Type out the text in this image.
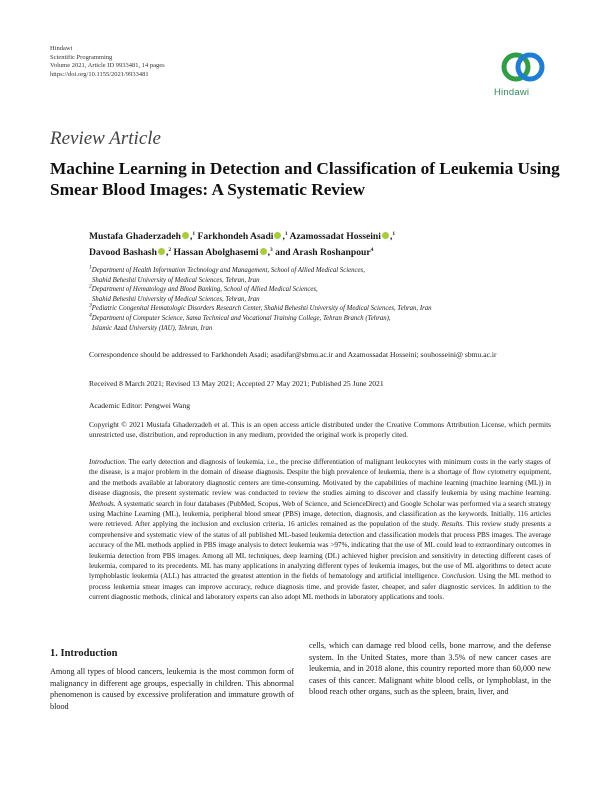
Hindawi
Scientific Programming
Volume 2021, Article ID 9933481, 14 pages
https://doi.org/10.1155/2021/9933481
Hindawi
Review Article
Machine Learning in Detection and Classification of Leukemia Using Smear Blood Images: A Systematic Review
Mustafa Ghaderzadeh ,$^1$ Farkhondeh Asadi ,$^1$ Azamossadat Hosseini ,$^1$
Davood Bashash ,$^2$ Hassan Abolghasemi ,$^3$ and Arash Roshanpour$^4$
$^1$Department of Health Information Technology and Management, School of Allied Medical Sciences,
Shahid Beheshti University of Medical Sciences, Tehran, Iran
$^2$Department of Hematology and Blood Banking, School of Allied Medical Sciences,
Shahid Beheshti University of Medical Sciences, Tehran, Iran
$^3$Pediatric Congenital Hematologic Disorders Research Center, Shahid Beheshti University of Medical Sciences, Tehran, Iran
$^4$Department of Computer Science, Sama Technical and Vocational Training College, Tehran Branch (Tehran),
Islamic Azad University (IAU), Tehran, Iran
Correspondence should be addressed to Farkhondeh Asadi; asadifar@sbmu.ac.ir and Azamossadat Hosseini; souhosseini@ sbmu.ac.ir
Received 8 March 2021; Revised 13 May 2021; Accepted 27 May 2021; Published 25 June 2021
Academic Editor: Pengwei Wang
Copyright © 2021 Mustafa Ghaderzadeh et al. This is an open access article distributed under the Creative Commons Attribution License, which permits unrestricted use, distribution, and reproduction in any medium, provided the original work is properly cited.
Introduction. The early detection and diagnosis of leukemia, i.e., the precise differentiation of malignant leukocytes with minimum costs in the early stages of the disease, is a major problem in the domain of disease diagnosis. Despite the high prevalence of leukemia, there is a shortage of flow cytometry equipment, and the methods available at laboratory diagnostic centers are time-consuming. Motivated by the capabilities of machine learning (machine learning (ML)) in disease diagnosis, the present systematic review was conducted to review the studies aiming to discover and classify leukemia by using machine learning. Methods. A systematic search in four databases (PubMed, Scopus, Web of Science, and ScienceDirect) and Google Scholar was performed via a search strategy using Machine Learning (ML), leukemia, peripheral blood smear (PBS) image, detection, diagnosis, and classification as the keywords. Initially, 116 articles were retrieved. After applying the inclusion and exclusion criteria, 16 articles remained as the population of the study. Results. This review study presents a comprehensive and systematic view of the status of all published ML-based leukemia detection and classification models that process PBS images. The average accuracy of the ML methods applied in PBS image analysis to detect leukemia was >97%, indicating that the use of ML could lead to extraordinary outcomes in leukemia detection from PBS images. Among all ML techniques, deep learning (DL) achieved higher precision and sensitivity in detecting different cases of leukemia, compared to its precedents. ML has many applications in analyzing different types of leukemia images, but the use of ML algorithms to detect acute lymphoblastic leukemia (ALL) has attracted the greatest attention in the fields of hematology and artificial intelligence. Conclusion. Using the ML method to process leukemia smear images can improve accuracy, reduce diagnosis time, and provide faster, cheaper, and safer diagnostic services. In addition to the current diagnostic methods, clinical and laboratory experts can also adopt ML methods in laboratory applications and tools.
1. Introduction
Among all types of blood cancers, leukemia is the most common form of malignancy in different age groups, especially in children. This abnormal phenomenon is caused by excessive proliferation and immature growth of blood
cells, which can damage red blood cells, bone marrow, and the defense system. In the United States, more than 3.5% of new cancer cases are leukemia, and in 2018 alone, this country reported more than 60,000 new cases of this cancer. Malignant white blood cells, or lymphoblast, in the blood reach other organs, such as the spleen, brain, liver, and
